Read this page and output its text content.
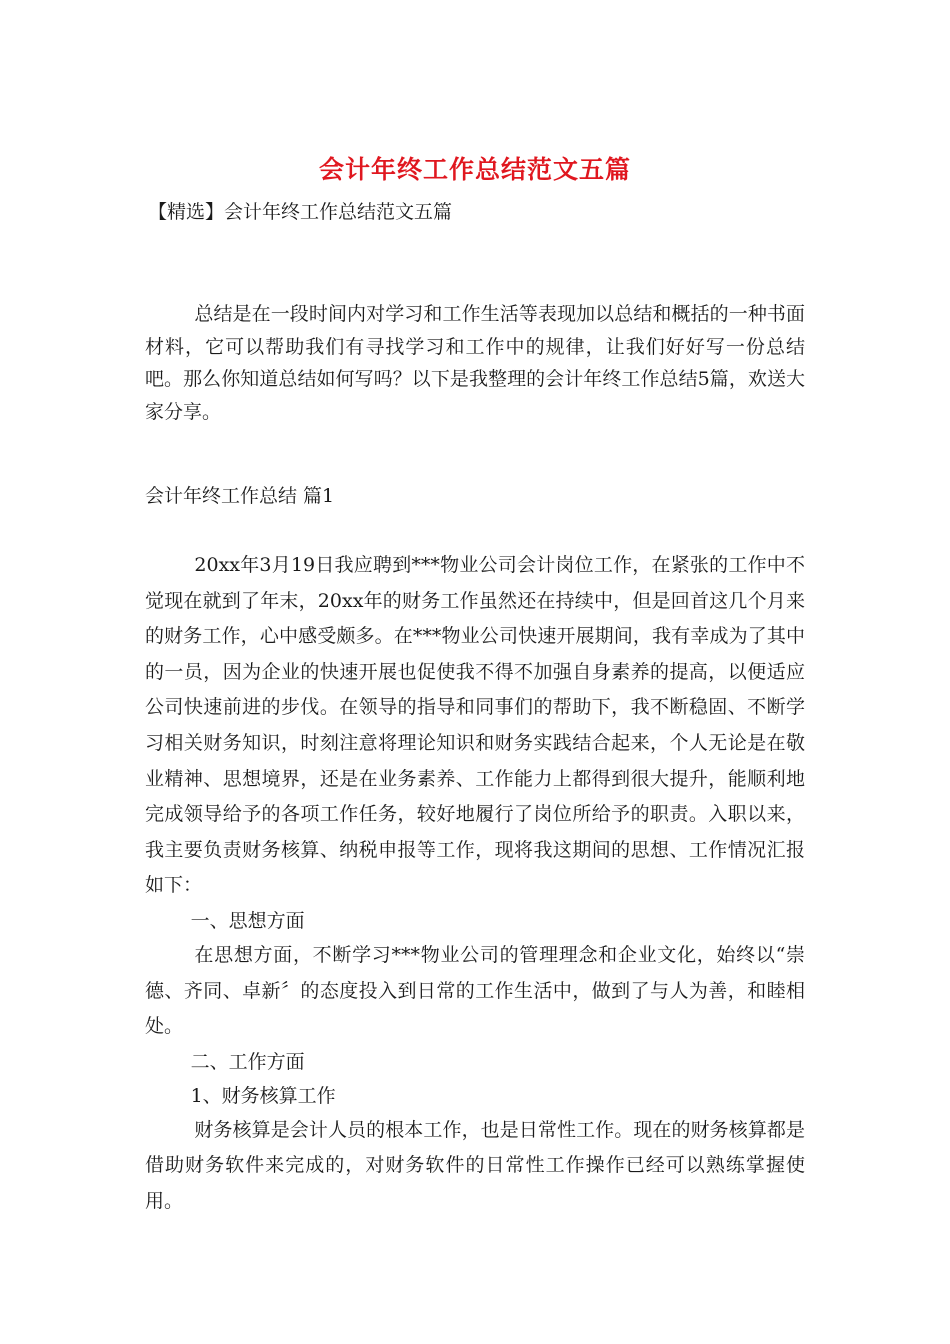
会计年终工作总结范文五篇
【精选】会计年终工作总结范文五篇

总结是在一段时间内对学习和工作生活等表现加以总结和概括的一种书面材料，它可以帮助我们有寻找学习和工作中的规律，让我们好好写一份总结吧。那么你知道总结如何写吗？以下是我整理的会计年终工作总结5篇，欢送大家分享。

会计年终工作总结 篇1

20xx年3月19日我应聘到***物业公司会计岗位工作，在紧张的工作中不觉现在就到了年末，20xx年的财务工作虽然还在持续中，但是回首这几个月来的财务工作，心中感受颇多。在***物业公司快速开展期间，我有幸成为了其中的一员，因为企业的快速开展也促使我不得不加强自身素养的提高，以便适应公司快速前进的步伐。在领导的指导和同事们的帮助下，我不断稳固、不断学习相关财务知识，时刻注意将理论知识和财务实践结合起来，个人无论是在敬业精神、思想境界，还是在业务素养、工作能力上都得到很大提升，能顺利地完成领导给予的各项工作任务，较好地履行了岗位所给予的职责。入职以来，我主要负责财务核算、纳税申报等工作，现将我这期间的思想、工作情况汇报如下：

一、思想方面

在思想方面，不断学习***物业公司的管理理念和企业文化，始终以“崇德、齐同、卓新〞的态度投入到日常的工作生活中，做到了与人为善，和睦相处。

二、工作方面

1、财务核算工作

财务核算是会计人员的根本工作，也是日常性工作。现在的财务核算都是借助财务软件来完成的，对财务软件的日常性工作操作已经可以熟练掌握使用。
